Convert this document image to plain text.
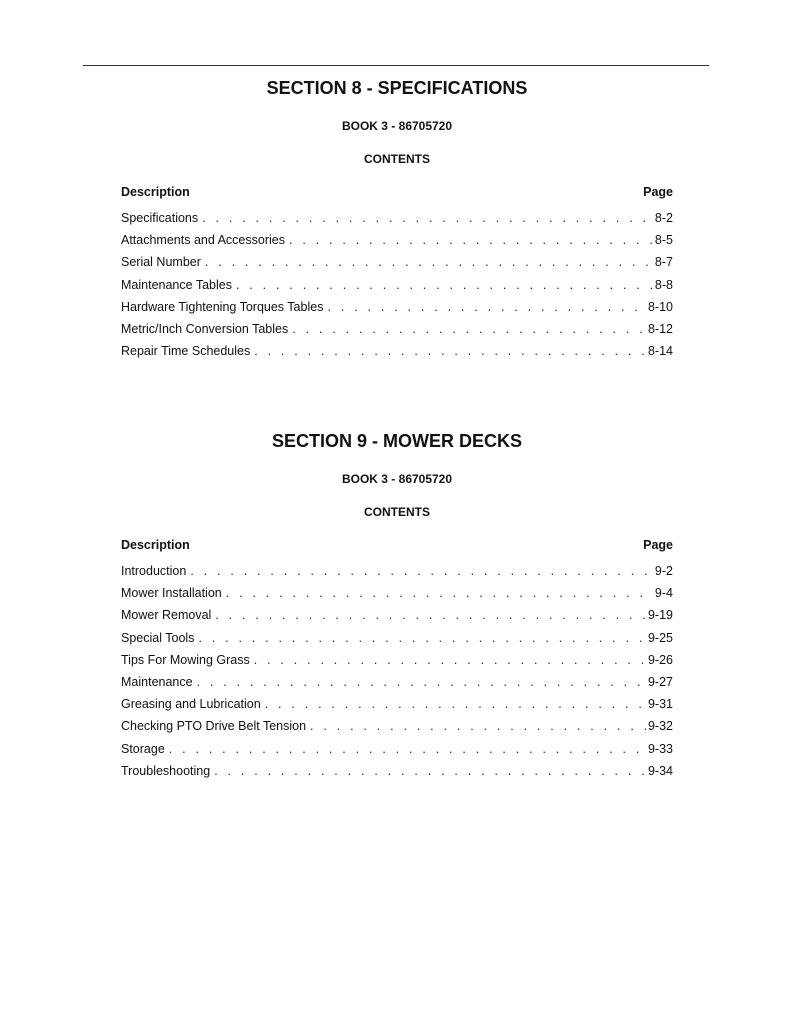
SECTION 8 - SPECIFICATIONS
BOOK 3 - 86705720
CONTENTS
Description	Page
Specifications . . .	8-2
Attachments and Accessories . . .	8-5
Serial Number . . .	8-7
Maintenance Tables . . .	8-8
Hardware Tightening Torques Tables . . .	8-10
Metric/Inch Conversion Tables . . .	8-12
Repair Time Schedules . . .	8-14
SECTION 9 - MOWER DECKS
BOOK 3 - 86705720
CONTENTS
Description	Page
Introduction . . .	9-2
Mower Installation . . .	9-4
Mower Removal . . .	9-19
Special Tools . . .	9-25
Tips For Mowing Grass . . .	9-26
Maintenance . . .	9-27
Greasing and Lubrication . . .	9-31
Checking PTO Drive Belt Tension . . .	9-32
Storage . . .	9-33
Troubleshooting . . .	9-34
